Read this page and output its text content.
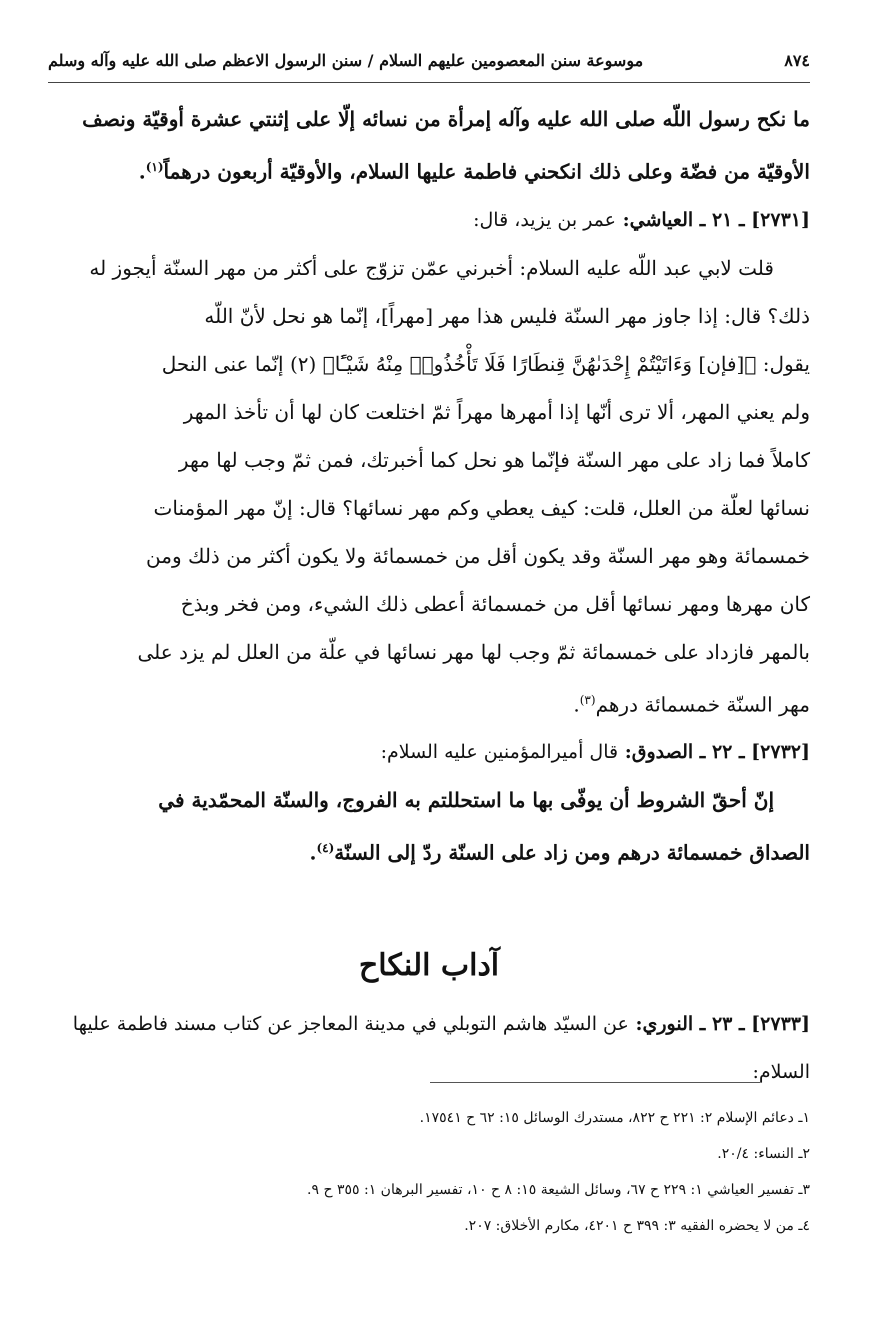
٨٧٤
موسوعة سنن المعصومين عليهم السلام / سنن الرسول الاعظم صلى الله عليه وآله وسلم

ما نكح رسول اللّه صلى الله عليه وآله إمرأة من نسائه إلّا على إثنتي عشرة أوقيّة ونصف

الأوقيّة من فضّة وعلى ذلك انكحني فاطمة عليها السلام، والأوقيّة أربعون درهماً$^{(١)}$.

[٢٧٣١] ـ ٢١ ـ العياشي: عمر بن يزيد، قال:

قلت لابي عبد اللّه عليه السلام: أخبرني عمّن تزوّج على أكثر من مهر السنّة أيجوز له

ذلك؟ قال: إذا جاوز مهر السنّة فليس هذا مهر [مهراً]، إنّما هو نحل لأنّ اللّه

يقول: ﴿[فإن] وَءَاتَيْتُمْ إِحْدَىٰهُنَّ قِنطَارًا فَلَا تَأْخُذُوا۟ مِنْهُ شَيْـًٔا﴾ (٢) إنّما عنى النحل

ولم يعني المهر، ألا ترى أنّها إذا أمهرها مهراً ثمّ اختلعت كان لها أن تأخذ المهر

كاملاً فما زاد على مهر السنّة فإنّما هو نحل كما أخبرتك، فمن ثمّ وجب لها مهر

نسائها لعلّة من العلل، قلت: كيف يعطي وكم مهر نسائها؟ قال: إنّ مهر المؤمنات

خمسمائة وهو مهر السنّة وقد يكون أقل من خمسمائة ولا يكون أكثر من ذلك ومن

كان مهرها ومهر نسائها أقل من خمسمائة أعطى ذلك الشيء، ومن فخر وبذخ

بالمهر فازداد على خمسمائة ثمّ وجب لها مهر نسائها في علّة من العلل لم يزد على

مهر السنّة خمسمائة درهم$^{(٣)}$.

[٢٧٣٢] ـ ٢٢ ـ الصدوق: قال أميرالمؤمنين عليه السلام:

إنّ أحقّ الشروط أن يوفّى بها ما استحللتم به الفروج، والسنّة المحمّدية في

الصداق خمسمائة درهم ومن زاد على السنّة ردّ إلى السنّة$^{(٤)}$.

آداب النكاح

[٢٧٣٣] ـ ٢٣ ـ النوري: عن السيّد هاشم التوبلي في مدينة المعاجز عن كتاب مسند فاطمة عليها السلام:

١ـ دعائم الإسلام ٢: ٢٢١ ح ٨٢٢، مستدرك الوسائل ١٥: ٦٢ ح ١٧٥٤١.

٢ـ النساء: ٢٠/٤.

٣ـ تفسير العياشي ١: ٢٢٩ ح ٦٧، وسائل الشيعة ١٥: ٨ ح ١٠، تفسير البرهان ١: ٣٥٥ ح ٩.

٤ـ من لا يحضره الفقيه ٣: ٣٩٩ ح ٤٢٠١، مكارم الأخلاق: ٢٠٧.
